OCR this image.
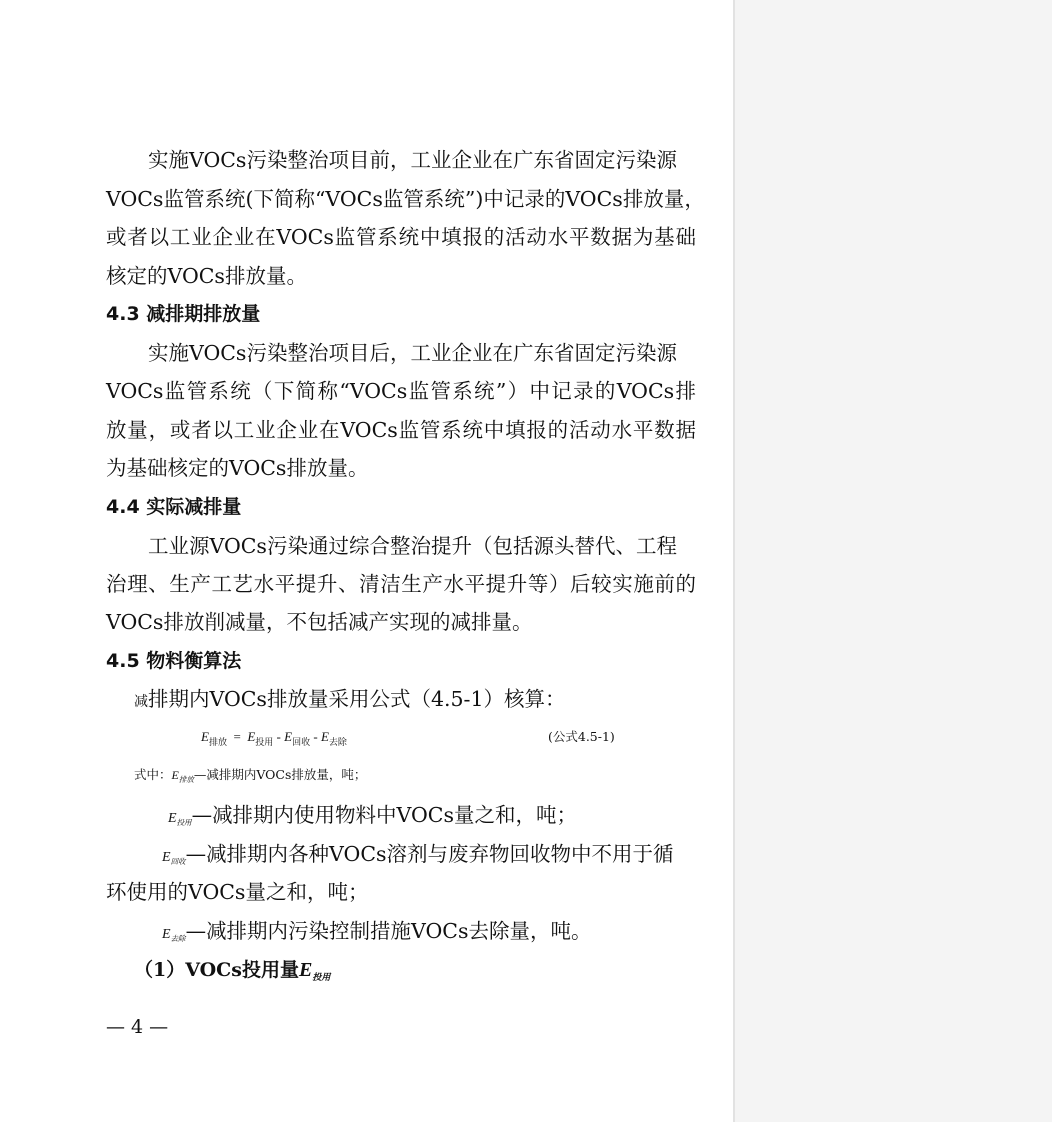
实施VOCs污染整治项目前，工业企业在广东省固定污染源
VOCs监管系统(下简称“VOCs监管系统”)中记录的VOCs排放量，
或者以工业企业在VOCs监管系统中填报的活动水平数据为基础
核定的VOCs排放量。
4.3 减排期排放量
实施VOCs污染整治项目后，工业企业在广东省固定污染源
VOCs监管系统（下简称“VOCs监管系统”）中记录的VOCs排
放量，或者以工业企业在VOCs监管系统中填报的活动水平数据
为基础核定的VOCs排放量。
4.4 实际减排量
工业源VOCs污染通过综合整治提升（包括源头替代、工程
治理、生产工艺水平提升、清洁生产水平提升等）后较实施前的
VOCs排放削减量，不包括减产实现的减排量。
4.5 物料衡算法
减排期内VOCs排放量采用公式（4.5-1）核算：
$E_{排放} = E_{投用} - E_{回收} - E_{去除}$	(公式4.5-1)
式中：$E_{排放}—$减排期内VOCs排放量，吨；
E投用—减排期内使用物料中VOCs量之和，吨；
E回收—减排期内各种VOCs溶剂与废弃物回收物中不用于循
环使用的VOCs量之和，吨；
E去除—减排期内污染控制措施VOCs去除量，吨。
（1）VOCs投用量$E_{投用}$
— 4 —
